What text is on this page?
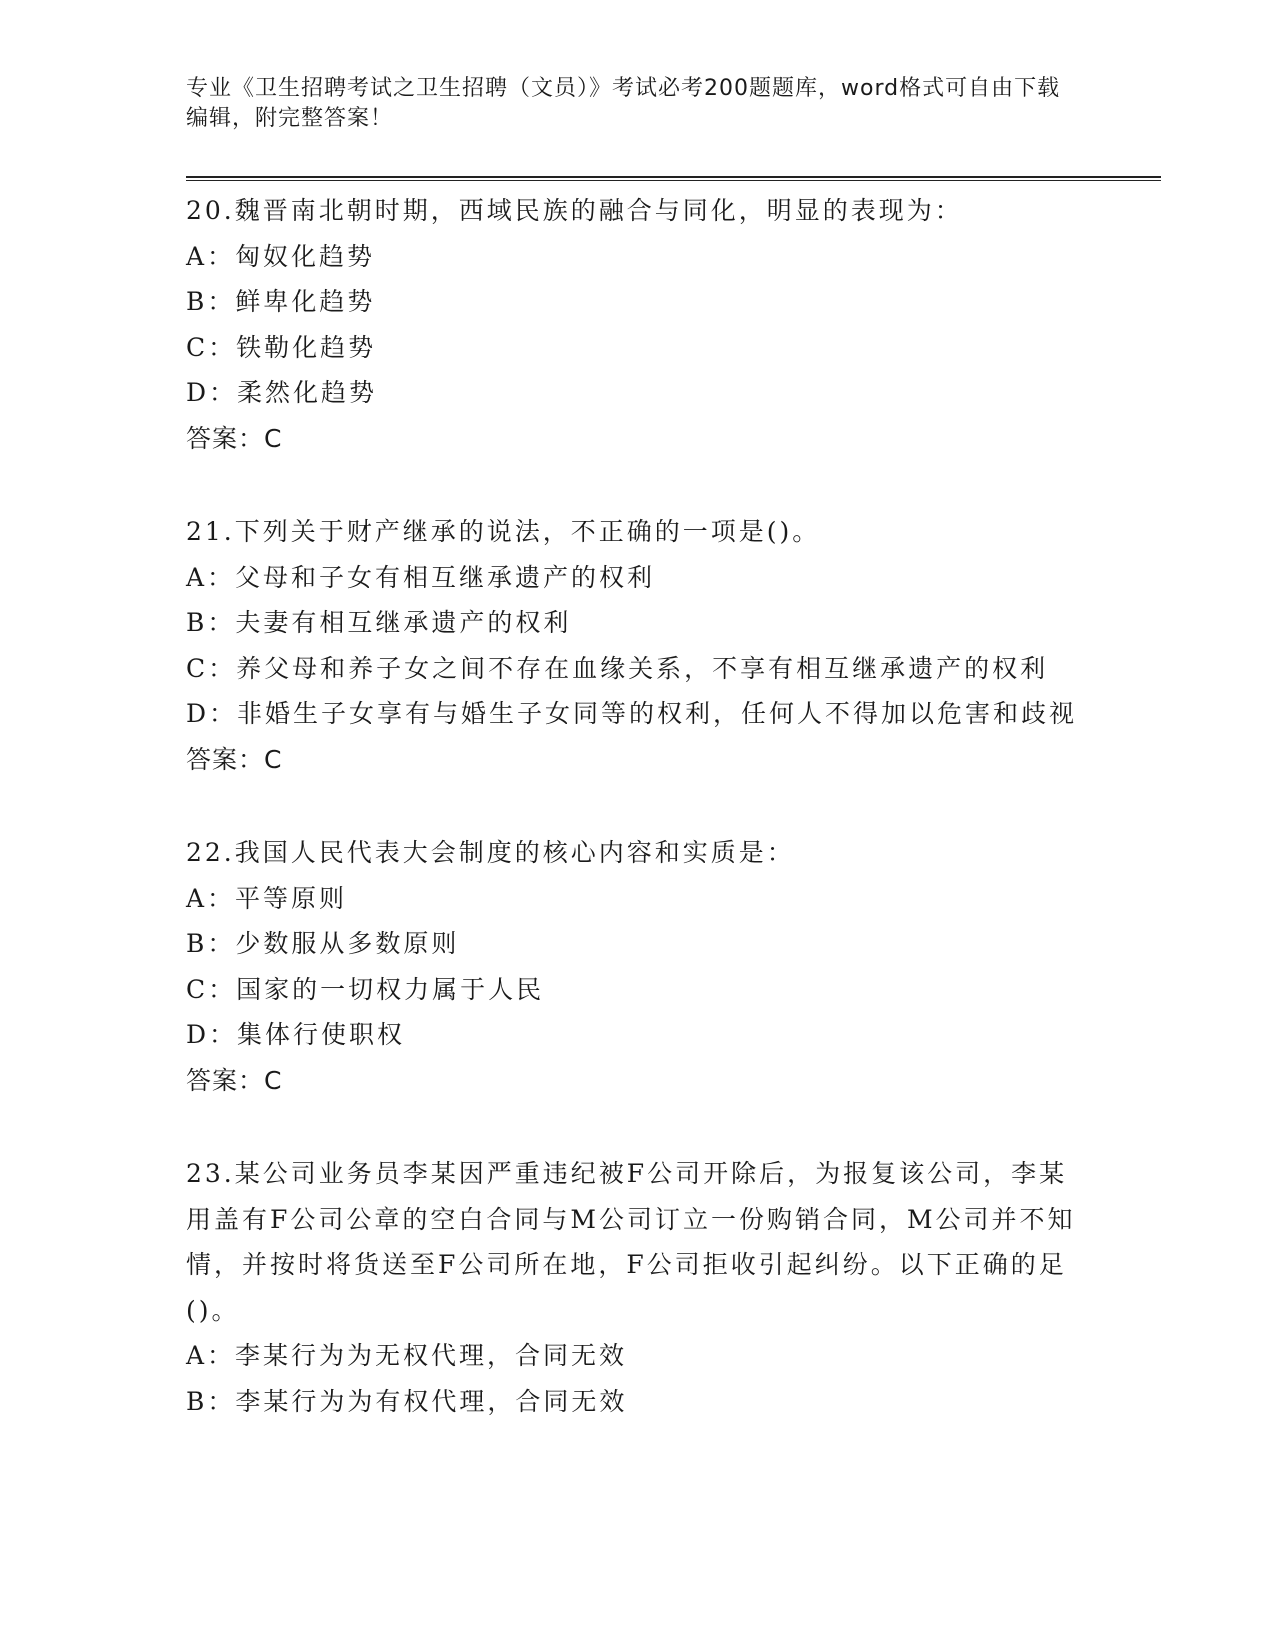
专业《卫生招聘考试之卫生招聘（文员）》考试必考200题题库，word格式可自由下载编辑，附完整答案！
20.魏晋南北朝时期，西域民族的融合与同化，明显的表现为：
A：匈奴化趋势
B：鲜卑化趋势
C：铁勒化趋势
D：柔然化趋势
答案：C
21.下列关于财产继承的说法，不正确的一项是()。
A：父母和子女有相互继承遗产的权利
B：夫妻有相互继承遗产的权利
C：养父母和养子女之间不存在血缘关系，不享有相互继承遗产的权利
D：非婚生子女享有与婚生子女同等的权利，任何人不得加以危害和歧视
答案：C
22.我国人民代表大会制度的核心内容和实质是：
A：平等原则
B：少数服从多数原则
C：国家的一切权力属于人民
D：集体行使职权
答案：C
23.某公司业务员李某因严重违纪被F公司开除后，为报复该公司，李某用盖有F公司公章的空白合同与M公司订立一份购销合同，M公司并不知情，并按时将货送至F公司所在地，F公司拒收引起纠纷。以下正确的足()。
A：李某行为为无权代理，合同无效
B：李某行为为有权代理，合同无效
